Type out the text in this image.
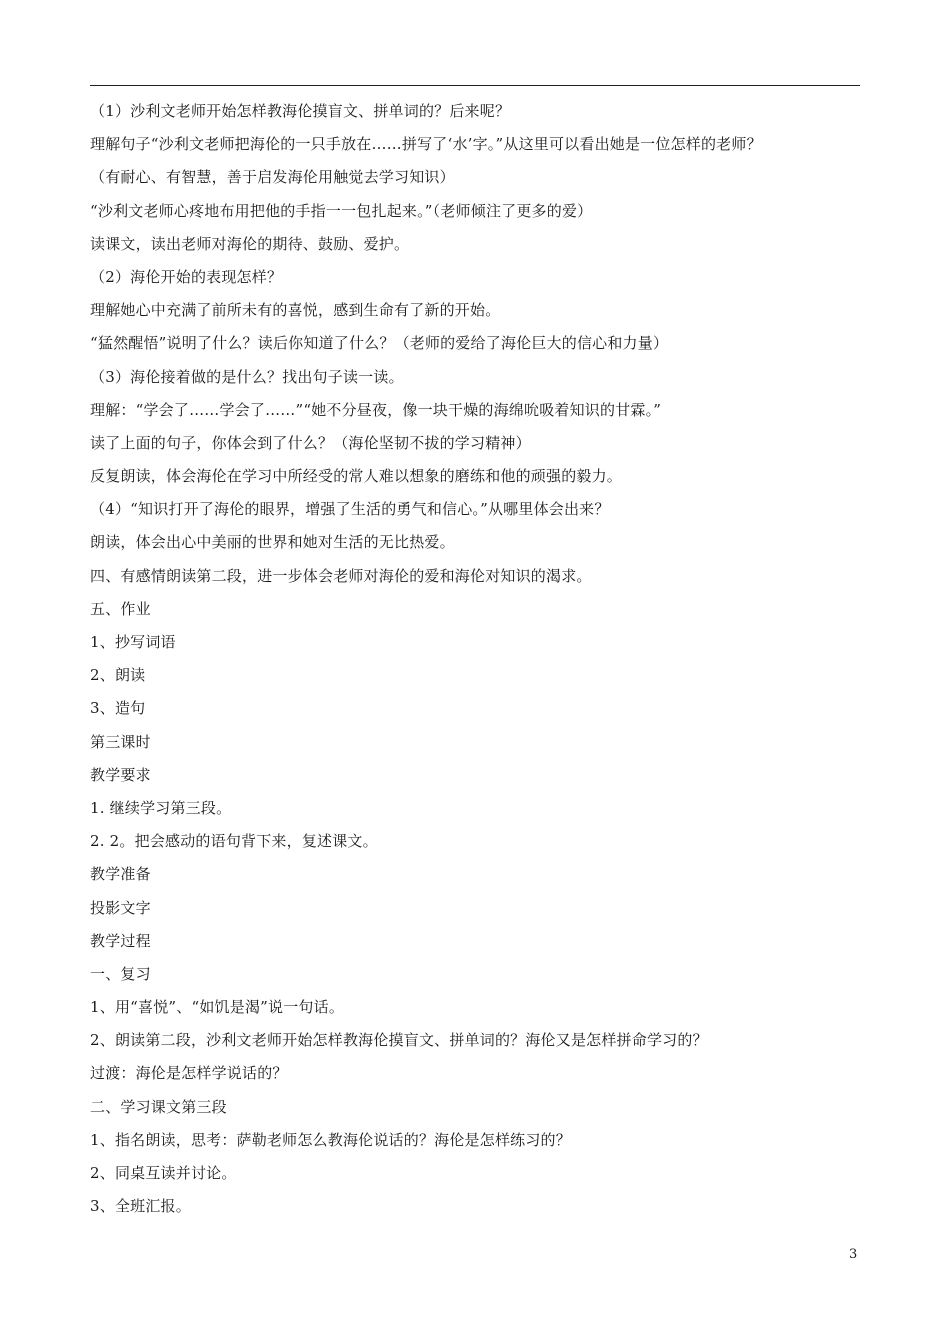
（1）沙利文老师开始怎样教海伦摸盲文、拼单词的？后来呢？
理解句子“沙利文老师把海伦的一只手放在……拼写了‘水’字。”从这里可以看出她是一位怎样的老师？
（有耐心、有智慧，善于启发海伦用触觉去学习知识）
“沙利文老师心疼地布用把他的手指一一包扎起来。”（老师倾注了更多的爱）
读课文，读出老师对海伦的期待、鼓励、爱护。
（2）海伦开始的表现怎样？
理解她心中充满了前所未有的喜悦，感到生命有了新的开始。
“猛然醒悟”说明了什么？读后你知道了什么？（老师的爱给了海伦巨大的信心和力量）
（3）海伦接着做的是什么？找出句子读一读。
理解：“学会了……学会了……”“她不分昼夜，像一块干燥的海绵吮吸着知识的甘霖。”
读了上面的句子，你体会到了什么？（海伦坚韧不拔的学习精神）
反复朗读，体会海伦在学习中所经受的常人难以想象的磨练和他的顽强的毅力。
（4）“知识打开了海伦的眼界，增强了生活的勇气和信心。”从哪里体会出来？
朗读，体会出心中美丽的世界和她对生活的无比热爱。
四、有感情朗读第二段，进一步体会老师对海伦的爱和海伦对知识的渴求。
五、作业
1、抄写词语
2、朗读
3、造句
第三课时
教学要求
1. 继续学习第三段。
2. 2。把会感动的语句背下来，复述课文。
教学准备
投影文字
教学过程
一、复习
1、用“喜悦”、“如饥是渴”说一句话。
2、朗读第二段，沙利文老师开始怎样教海伦摸盲文、拼单词的？海伦又是怎样拼命学习的？
过渡：海伦是怎样学说话的？
二、学习课文第三段
1、指名朗读，思考：萨勒老师怎么教海伦说话的？海伦是怎样练习的？
2、同桌互读并讨论。
3、全班汇报。
3
